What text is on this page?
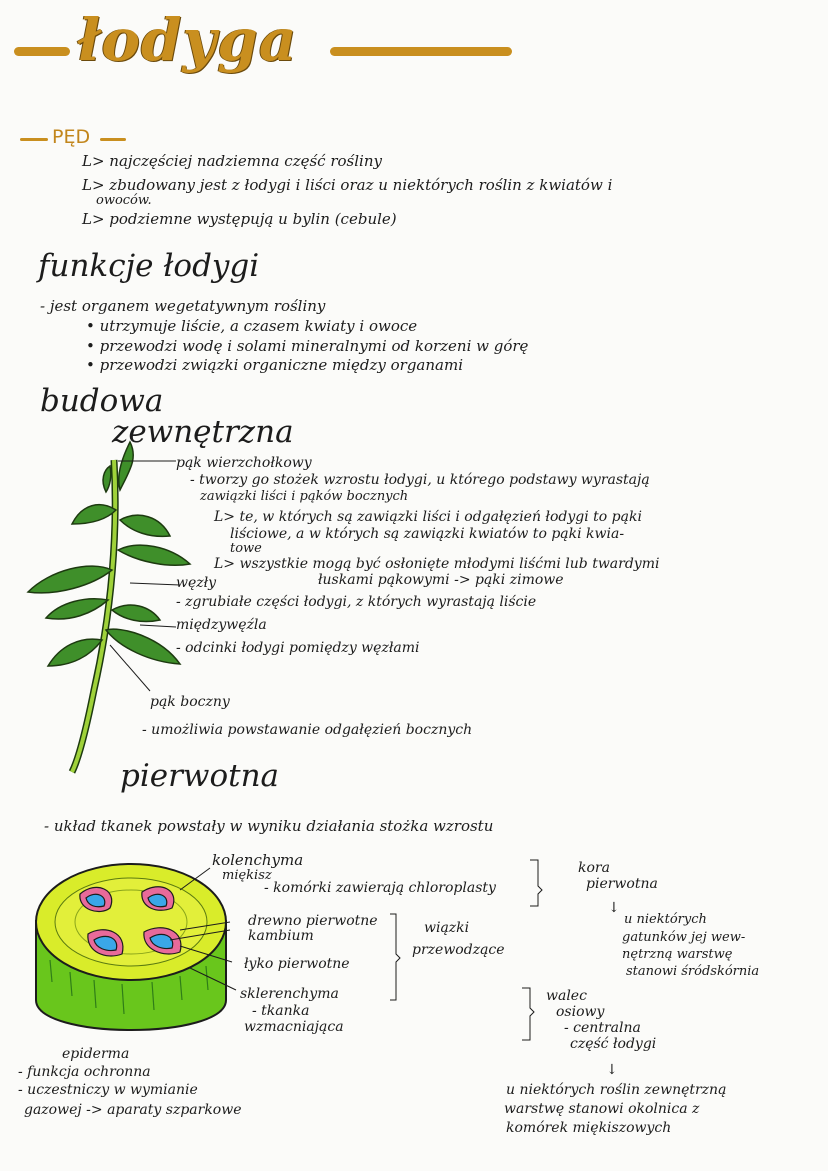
łodyga
PĘD
L> najczęściej nadziemna część rośliny
L> zbudowany jest z łodygi i liści oraz u niektórych roślin z kwiatów i
owoców.
L> podziemne występują u bylin (cebule)
funkcje łodygi
- jest organem wegetatywnym rośliny
• utrzymuje liście, a czasem kwiaty i owoce
• przewodzi wodę i solami mineralnymi od korzeni w górę
• przewodzi związki organiczne między organami
budowa
zewnętrzna
pąk wierzchołkowy
- tworzy go stożek wzrostu łodygi, u którego podstawy wyrastają
zawiązki liści i pąków bocznych
L> te, w których są zawiązki liści i odgałęzień łodygi to pąki
liściowe, a w których są zawiązki kwiatów to pąki kwia-
towe
L> wszystkie mogą być osłonięte młodymi liśćmi lub twardymi
łuskami pąkowymi -> pąki zimowe
węzły
- zgrubiałe części łodygi, z których wyrastają liście
międzywęźla
- odcinki łodygi pomiędzy węzłami
pąk boczny
- umożliwia powstawanie odgałęzień bocznych
pierwotna
- układ tkanek powstały w wyniku działania stożka wzrostu
kolenchyma
miękisz
- komórki zawierają chloroplasty
kora
pierwotna
↓
u niektórych
gatunków jej wew-
nętrzną warstwę
stanowi śródskórnia
drewno pierwotne
kambium	wiązki
przewodzące
łyko pierwotne
sklerenchyma
- tkanka
wzmacniająca
walec
osiowy
- centralna
część łodygi
epiderma
- funkcja ochronna
- uczestniczy w wymianie
gazowej -> aparaty szparkowe
↓
u niektórych roślin zewnętrzną
warstwę stanowi okolnica z
komórek miękiszowych
